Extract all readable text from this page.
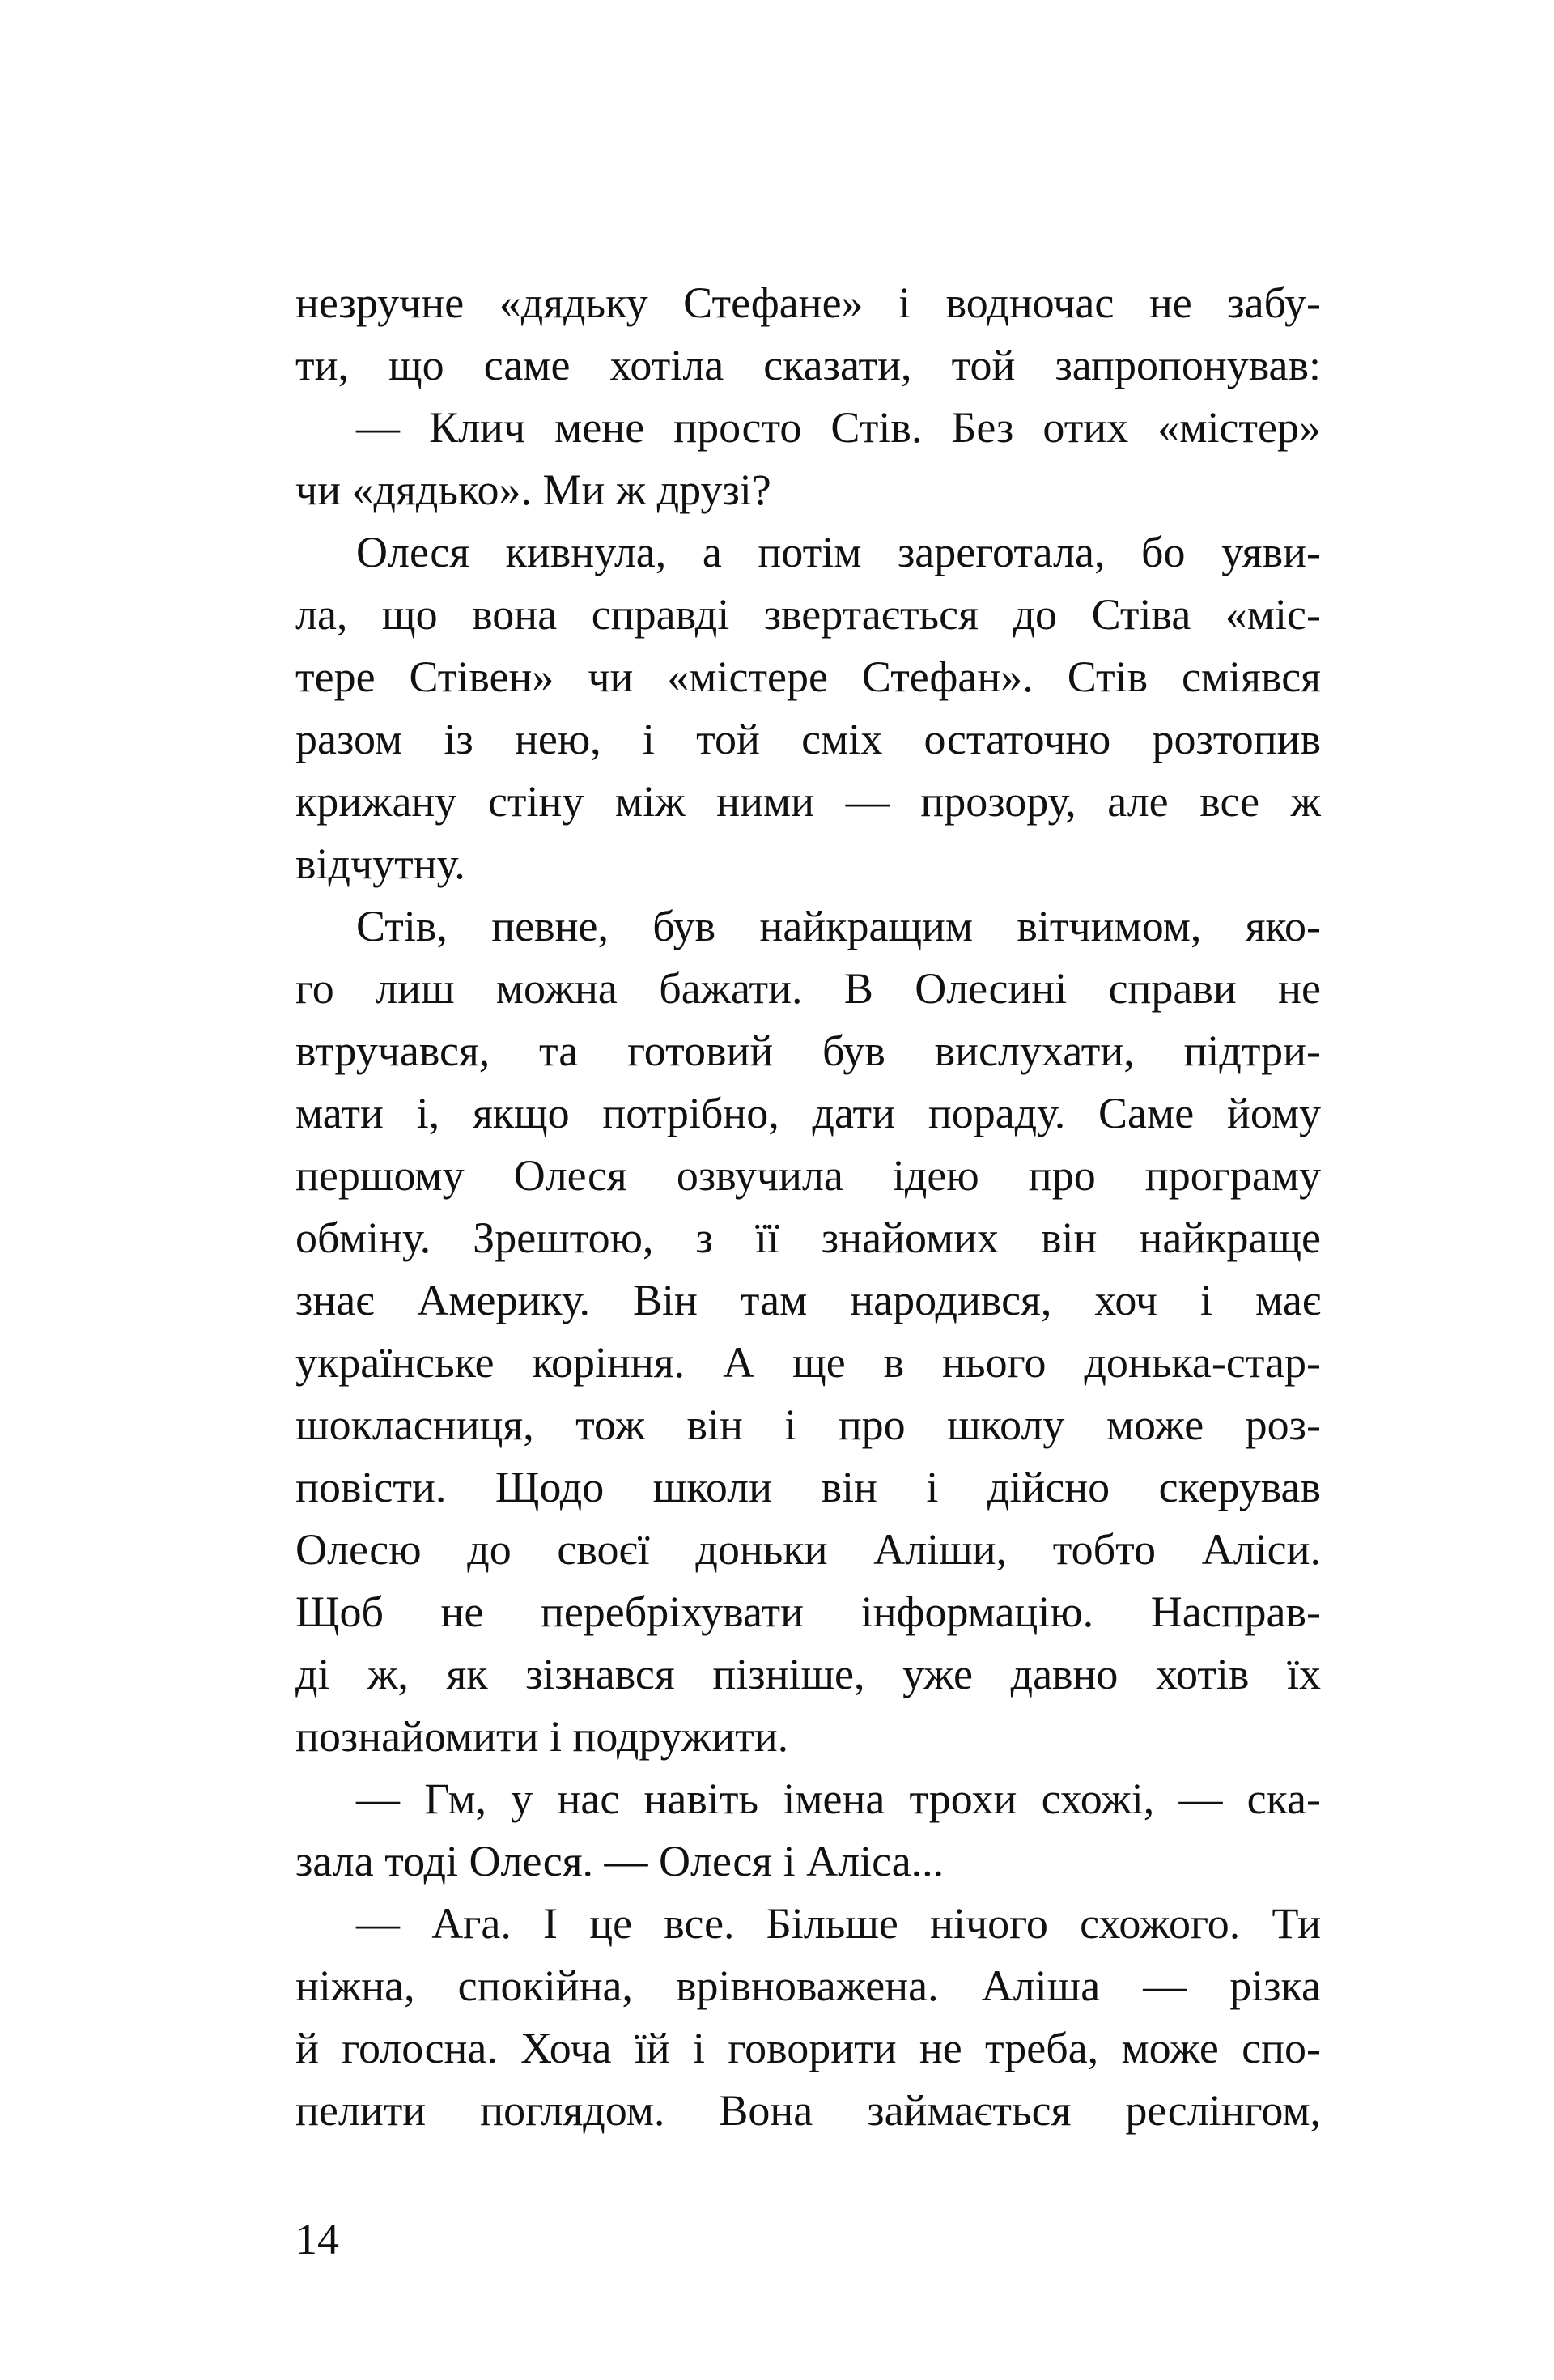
незручне «дядьку Стефане» і водночас не забу-
ти, що саме хотіла сказати, той запропонував:
— Клич мене просто Стів. Без отих «містер»
чи «дядько». Ми ж друзі?
Олеся кивнула, а потім зареготала, бо уяви-
ла, що вона справді звертається до Стіва «міс-
тере Стівен» чи «містере Стефан». Стів сміявся
разом із нею, і той сміх остаточно розтопив
крижану стіну між ними — прозору, але все ж
відчутну.
Стів, певне, був найкращим вітчимом, яко-
го лиш можна бажати. В Олесині справи не
втручався, та готовий був вислухати, підтри-
мати і, якщо потрібно, дати пораду. Саме йому
першому Олеся озвучила ідею про програму
обміну. Зрештою, з її знайомих він найкраще
знає Америку. Він там народився, хоч і має
українське коріння. А ще в нього донька-стар-
шокласниця, тож він і про школу може роз-
повісти. Щодо школи він і дійсно скерував
Олесю до своєї доньки Аліши, тобто Аліси.
Щоб не перебріхувати інформацію. Насправ-
ді ж, як зізнався пізніше, уже давно хотів їх
познайомити і подружити.
— Гм, у нас навіть імена трохи схожі, — ска-
зала тоді Олеся. — Олеся і Аліса...
— Ага. І це все. Більше нічого схожого. Ти
ніжна, спокійна, врівноважена. Аліша — різка
й голосна. Хоча їй і говорити не треба, може спо-
пелити поглядом. Вона займається реслінгом,
14
